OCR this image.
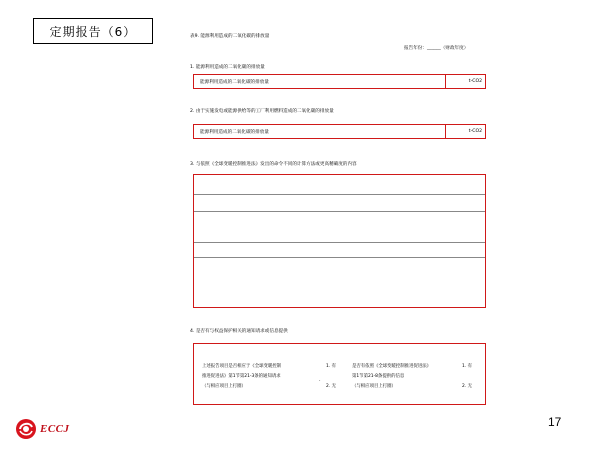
定期报告（6）	表9. 能源利用造成的二氧化碳的排放量
报告年份：______（财政年度）
1. 能源利用造成的二氧化碳的排放量
能源利用造成的二氧化碳的排放量	t-CO2
2. 由于实施发电或能源供给等的工厂利用燃料造成的二氧化碳的排放量
能源利用造成的二氧化碳的排放量	t-CO2
3. 与依照《全球变暖控制推进法》发出的命令不同的计算方法或更高精确度的内容
4. 是否有与权益保护相关的通知请求或信息提供
上述报告项目是否相应于《全球变暖控制
推进促进法》第1节第21-3条的通知请求
（与相应项目上打圈）
1. 有
·
2. 无
是否有依照《全球变暖控制推进促进法》
第1节第21-8条提供的信息
（与相应项目上打圈）
1. 有
2. 无
ECCJ	17
